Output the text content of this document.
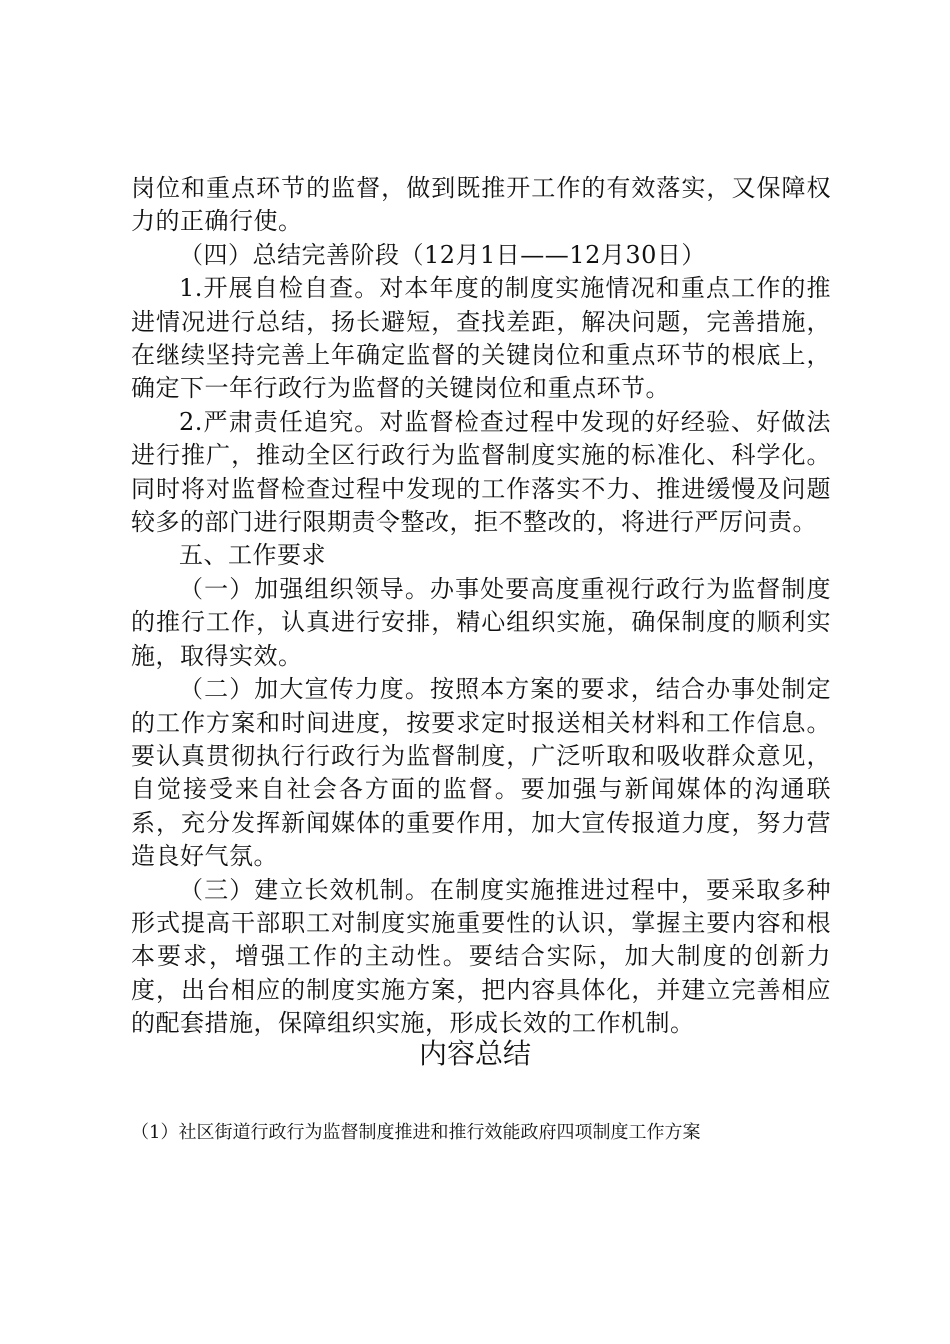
岗位和重点环节的监督，做到既推开工作的有效落实，又保障权力的正确行使。

（四）总结完善阶段（12月1日——12月30日）

1.开展自检自查。对本年度的制度实施情况和重点工作的推进情况进行总结，扬长避短，查找差距，解决问题，完善措施，在继续坚持完善上年确定监督的关键岗位和重点环节的根底上，确定下一年行政行为监督的关键岗位和重点环节。

2.严肃责任追究。对监督检查过程中发现的好经验、好做法进行推广，推动全区行政行为监督制度实施的标准化、科学化。同时将对监督检查过程中发现的工作落实不力、推进缓慢及问题较多的部门进行限期责令整改，拒不整改的，将进行严厉问责。

五、工作要求

（一）加强组织领导。办事处要高度重视行政行为监督制度的推行工作，认真进行安排，精心组织实施，确保制度的顺利实施，取得实效。

（二）加大宣传力度。按照本方案的要求，结合办事处制定的工作方案和时间进度，按要求定时报送相关材料和工作信息。要认真贯彻执行行政行为监督制度，广泛听取和吸收群众意见，自觉接受来自社会各方面的监督。要加强与新闻媒体的沟通联系，充分发挥新闻媒体的重要作用，加大宣传报道力度，努力营造良好气氛。

（三）建立长效机制。在制度实施推进过程中，要采取多种形式提高干部职工对制度实施重要性的认识，掌握主要内容和根本要求，增强工作的主动性。要结合实际，加大制度的创新力度，出台相应的制度实施方案，把内容具体化，并建立完善相应的配套措施，保障组织实施，形成长效的工作机制。

内容总结

（1）社区街道行政行为监督制度推进和推行效能政府四项制度工作方案
